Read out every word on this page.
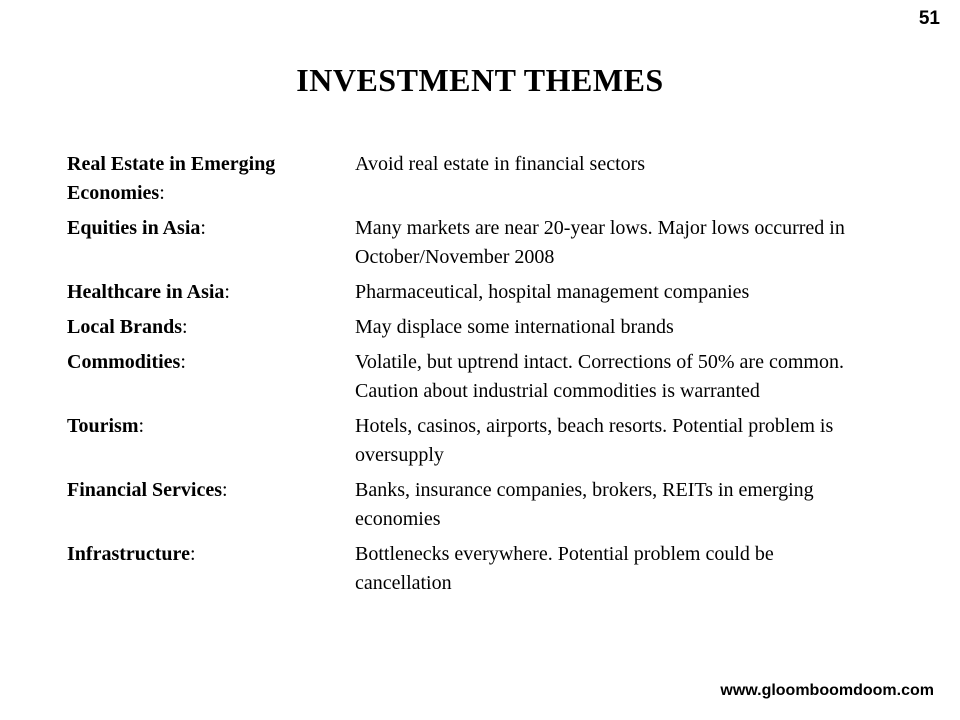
51
INVESTMENT THEMES
Real Estate in Emerging Economies:
Avoid real estate in financial sectors
Equities in Asia:	Many markets are near 20-year lows. Major lows occurred in October/November 2008
Healthcare in Asia:	Pharmaceutical, hospital management companies
Local Brands:	May displace some international brands
Commodities:	Volatile, but uptrend intact. Corrections of 50% are common. Caution about industrial commodities is warranted
Tourism:	Hotels, casinos, airports, beach resorts. Potential problem is oversupply
Financial Services:	Banks, insurance companies, brokers, REITs in emerging economies
Infrastructure:	Bottlenecks everywhere. Potential problem could be cancellation
www.gloomboomdoom.com
